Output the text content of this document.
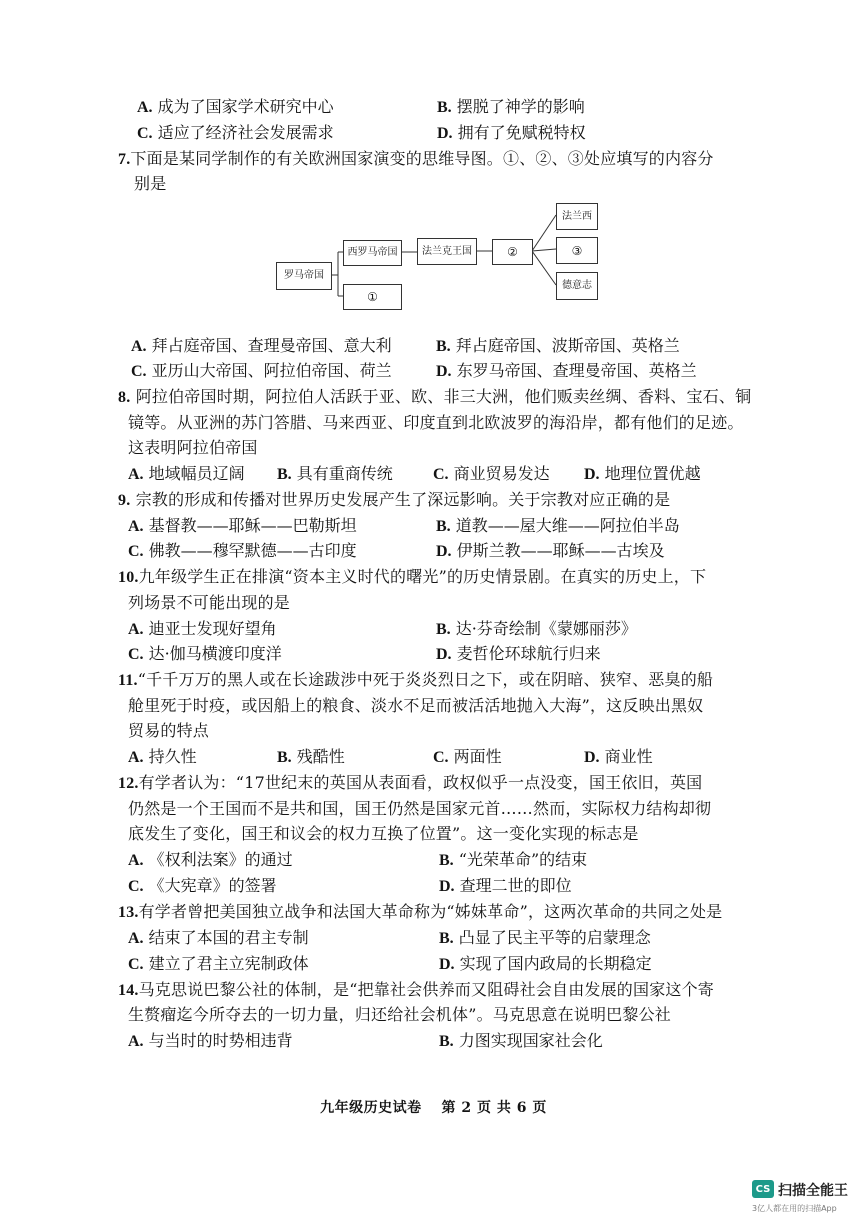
A. 成为了国家学术研究中心	B. 摆脱了神学的影响
C. 适应了经济社会发展需求	D. 拥有了免赋税特权
7.下面是某同学制作的有关欧洲国家演变的思维导图。①、②、③处应填写的内容分
别是
罗马帝国
西罗马帝国
①
法兰克王国	②
法兰西
③
德意志
A. 拜占庭帝国、查理曼帝国、意大利	B. 拜占庭帝国、波斯帝国、英格兰
C. 亚历山大帝国、阿拉伯帝国、荷兰	D. 东罗马帝国、查理曼帝国、英格兰
8. 阿拉伯帝国时期，阿拉伯人活跃于亚、欧、非三大洲，他们贩卖丝绸、香料、宝石、铜
镜等。从亚洲的苏门答腊、马来西亚、印度直到北欧波罗的海沿岸，都有他们的足迹。
这表明阿拉伯帝国
A. 地域幅员辽阔 B. 具有重商传统	C. 商业贸易发达 D. 地理位置优越
9. 宗教的形成和传播对世界历史发展产生了深远影响。关于宗教对应正确的是
A. 基督教——耶稣——巴勒斯坦	B. 道教——屋大维——阿拉伯半岛
C. 佛教——穆罕默德——古印度	D. 伊斯兰教——耶稣——古埃及
10.九年级学生正在排演“资本主义时代的曙光”的历史情景剧。在真实的历史上，下
列场景不可能出现的是
A. 迪亚士发现好望角	B. 达·芬奇绘制《蒙娜丽莎》
C. 达·伽马横渡印度洋	D. 麦哲伦环球航行归来
11.“千千万万的黑人或在长途跋涉中死于炎炎烈日之下，或在阴暗、狭窄、恶臭的船
舱里死于时疫，或因船上的粮食、淡水不足而被活活地抛入大海”，这反映出黑奴
贸易的特点
A. 持久性	B. 残酷性	C. 两面性	D. 商业性
12.有学者认为：“17世纪末的英国从表面看，政权似乎一点没变，国王依旧，英国
仍然是一个王国而不是共和国，国王仍然是国家元首……然而，实际权力结构却彻
底发生了变化，国王和议会的权力互换了位置”。这一变化实现的标志是
A. 《权利法案》的通过	B. “光荣革命”的结束
C. 《大宪章》的签署	D. 查理二世的即位
13.有学者曾把美国独立战争和法国大革命称为“姊妹革命”，这两次革命的共同之处是
A. 结束了本国的君主专制	B. 凸显了民主平等的启蒙理念
C. 建立了君主立宪制政体	D. 实现了国内政局的长期稳定
14.马克思说巴黎公社的体制，是“把靠社会供养而又阻碍社会自由发展的国家这个寄
生赘瘤迄今所夺去的一切力量，归还给社会机体”。马克思意在说明巴黎公社
A. 与当时的时势相违背	B. 力图实现国家社会化
九年级历史试卷　 第 2 页 共 6 页
CS 扫描全能王
3亿人都在用的扫描App
